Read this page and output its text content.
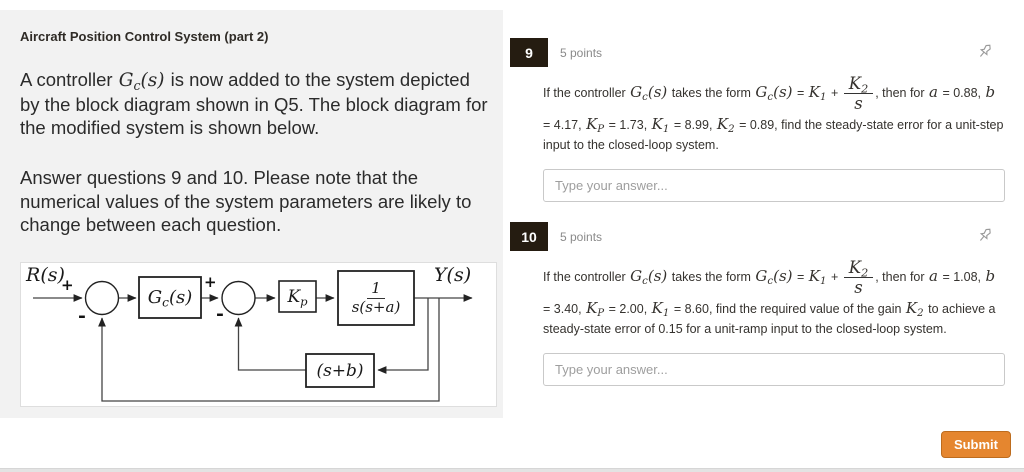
Aircraft Position Control System (part 2)
A controller $G_c(s)$ is now added to the system depicted by the block diagram shown in Q5. The block diagram for the modified system is shown below.
Answer questions 9 and 10. Please note that the numerical values of the system parameters are likely to change between each question.
R(s)	Y(s)
$G_c(s)$	$K_p$	$\frac{1}{s(s+a)}$
(s+b)
+
-
+
-
9	5 points
If the controller $G_c(s)$ takes the form $G_c(s) = K_1 + \frac{K_2}{s}$ , then for a = 0.88, b = 4.17, $K_P = 1.73$, $K_1 = 8.99$, $K_2 = 0.89$, find the steady-state error for a unit-step input to the closed-loop system.
Type your answer...
10	5 points
If the controller $G_c(s)$ takes the form $G_c(s) = K_1 + \frac{K_2}{s}$ , then for a = 1.08, b = 3.40, $K_P = 2.00$, $K_1 = 8.60$, find the required value of the gain $K_2$ to achieve a steady-state error of 0.15 for a unit-ramp input to the closed-loop system.
Type your answer...
Submit
